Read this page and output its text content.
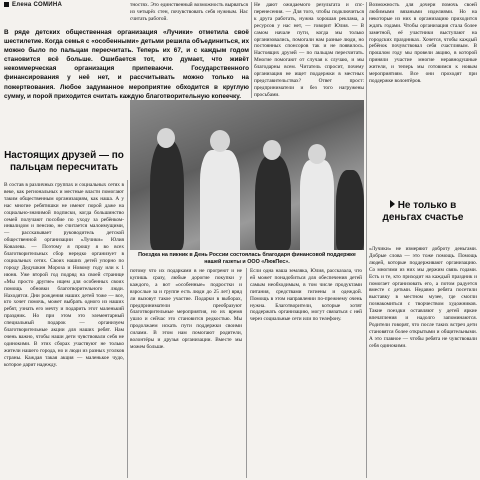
Елена СОМИНА
В ряде детских общественная организация «Лучики» отметила своё шестилетие. Когда семья с «особенными» детьми решила объединиться, их можно было по пальцам пересчитать. Теперь их 67, и с каждым годом становится всё больше. Ошибается тот, кто думает, что живёт некоммерческая организация припеваючи. Государственного финансирования у неё нет, и рассчитывать можно только на пожертвования. Любое задуманное мероприятие обходится в круглую сумму, и порой приходится считать каждую благотворительную копеечку.
Настоящих друзей — по пальцам пересчитать
В состав в различных группах и социальных сетях в веке, как региональных и местные власти помогают таким общественным организациям, как наша. А у нас многие ребятишки не имеют порой даже на социально-значимой подписки, когда большинство семей получают пособие по уходу за ребёнком-инвалидом и пенсию, не считается малоимущими, — рассказывает руководитель детской общественной организации «Лучики» Юлия Ковалева. — Поэтому я прошу я во всех благотворительных сбор нередко организует в социальных сетях. Своих наших детей упорно по городу Дедушкин Мороза и Новому году или к 1 июня. Уже второй год подряд на своей странице «Мы просто другие» ищем для особенных своих помощь обновки благотворительного люди. Находятся. Дни рождения наших детей тоже — все, кто хочет помочь, может выбрать одного из наших ребят, узнать его мечту и подарить этот маленький праздник. Но при этом это элементарный специальный подарок — организуем благотворительные акции для наших ребят. Нам очень важно, чтобы наши дети чувствовали себя не одинокими. В этих сборах участвуют не только жители нашего города, но и люди из разных уголков страны. Каждая такая акция — маленькое чудо, которое дарит надежду.
Не дают ожидаемого результата и спс-перенесения. — Для того, чтобы подключиться к друга работать, нужна хорошая реклама, а ресурсов у нас нет, — говорит Юлия. — В самом начале пути, когда мы только организовались, помогали нам разные люди, но постоянных спонсоров так и не появилось. Настоящих друзей — по пальцам пересчитать. Многие помогают от случая к случаю, и мы благодарны всем. Читатель спросит, почему организация не ищет поддержки в местных представительствах? Ответ прост: предприниматели и без того нагружены просьбами.
Возможность для дочери помочь своей любимыми вязаными изделиями. Но на некоторые из них в организацию приходится ждать годами. Чтобы организация стала более заметной, её участники выступают на городских праздниках. Хочется, чтобы каждый ребёнок почувствовал себя счастливым. В прошлом году мы провели акцию, в которой приняли участие многие неравнодушные жители, и теперь мы готовимся к новым мероприятиям. Все они проходят при поддержке волонтёров.
Поездка на пикник в День России состоялась благодаря финансовой поддержке нашей газеты и ООО «ЛюкПес».
Не только в деньгах счастье
«Лучики» не измеряют доброту деньгами. Добрые слова — это тоже помощь. Помощь людей, которые поддерживают организацию. Со многими из них мы держим связь годами. Есть и те, кто приходит на каждый праздник и помогает организовать его, а потом радуется вместе с детьми. Недавно ребята посетили выставку в местном музее, где смогли познакомиться с творчеством художников. Такие поездки оставляют у детей яркие впечатления и надолго запоминаются. Родители говорят, что после таких встреч дети становятся более открытыми и общительными. А это главное — чтобы ребята не чувствовали себя одинокими.
потому что их подарками в не прогреют и не купишь сразу, любые дорогие покупки у каждого, а вот «особенные» подростки и взрослые за и группе есть люди до 25 лет) вряд ли вызовут такое участие. Подарки в выборах, предприниматели преобразуют благотворительные мероприятия, но их время ушло и сейчас это становится редкостью. Мы продолжаем искать пути поддержки своими силами. В этом нам помогают родители, волонтёры и друзья организации. Вместе мы можем больше.
Если одна наша земляка, Юлия, рассказала, что ей может понадобиться для обеспечения детей самым необходимым, в том числе продуктами питания, средствами гигиены и одеждой. Помощь в этом направлении по-прежнему очень нужна. Благотворители, которые хотят поддержать организацию, могут связаться с ней через социальные сети или по телефону.
тностях. Это единственный возможность вырваться из четырёх стен, почувствовать себя нужным. Нас считать работой.
